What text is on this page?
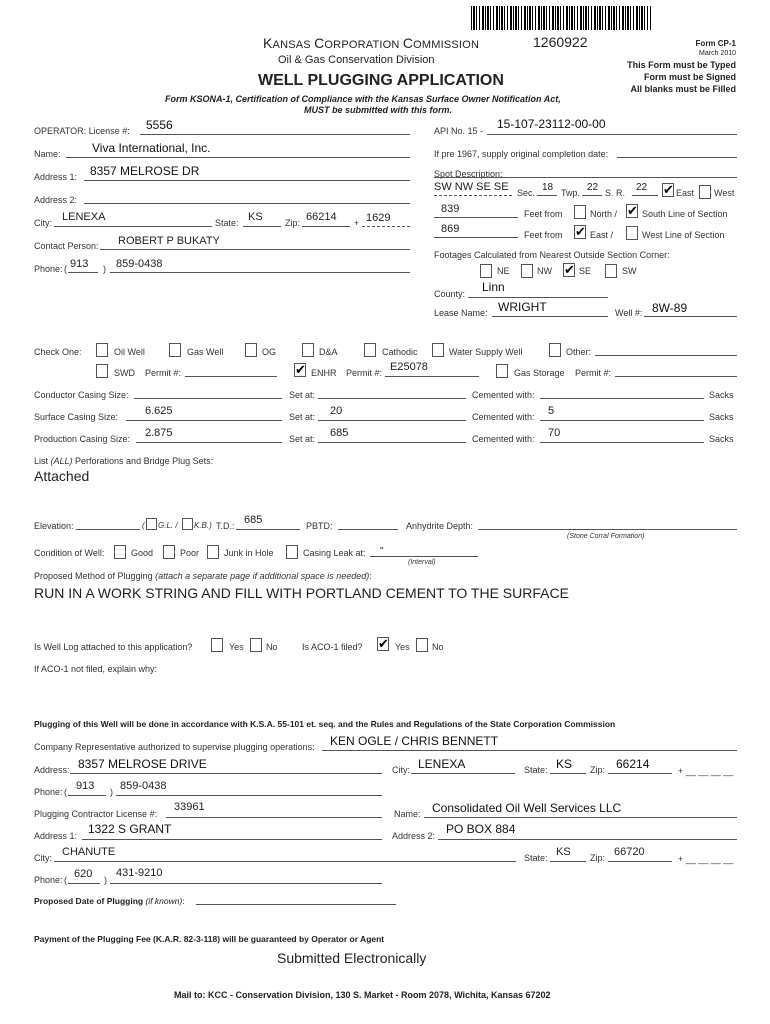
KANSAS CORPORATION COMMISSION
Oil & Gas Conservation Division
1260922	Form CP-1
March 2010
This Form must be Typed
Form must be Signed
All blanks must be Filled
WELL PLUGGING APPLICATION
Form KSONA-1, Certification of Compliance with the Kansas Surface Owner Notification Act,
MUST be submitted with this form.
OPERATOR: License #: 5556
Name:	Viva International, Inc.
Address 1: 8357 MELROSE DR
Address 2:
City: LENEXA	State: KS Zip: 66214 + 1629
Contact Person: ROBERT P BUKATY
Phone: ( 913 ) 859-0438
API No. 15 - 15-107-23112-00-00
If pre 1967, supply original completion date:
Spot Description:
SW NW SE SE Sec. 18 Twp. 22 S. R. 22 ✔ East West
839	Feet from	North / ✔ South Line of Section
869	Feet from ✔ East /	West Line of Section
Footages Calculated from Nearest Outside Section Corner:
NE	NW ✔ SE	SW
County: Linn
Lease Name: WRIGHT	Well #: 8W-89
Check One:	Oil Well	Gas Well	OG	D&A	Cathodic	Water Supply Well	Other:
SWD Permit #:	✔ ENHR Permit #: E25078	Gas Storage Permit #:
Conductor Casing Size:	Set at:	Cemented with:	Sacks
Surface Casing Size: 6.625	Set at: 20	Cemented with: 5	Sacks
Production Casing Size: 2.875	Set at: 685	Cemented with: 70	Sacks
List (ALL) Perforations and Bridge Plug Sets:
Attached
Elevation:	( G.L. / K.B.) T.D.: 685	PBTD:	Anhydrite Depth:
(Stone Corral Formation)
Condition of Well:	Good	Poor	Junk in Hole	Casing Leak at: "
(Interval)
Proposed Method of Plugging (attach a separate page if additional space is needed):
RUN IN A WORK STRING AND FILL WITH PORTLAND CEMENT TO THE SURFACE
Is Well Log attached to this application?	Yes No	Is ACO-1 filed? ✔ Yes No
If ACO-1 not filed, explain why:
Plugging of this Well will be done in accordance with K.S.A. 55-101 et. seq. and the Rules and Regulations of the State Corporation Commission
Company Representative authorized to supervise plugging operations: KEN OGLE / CHRIS BENNETT
Address: 8357 MELROSE DRIVE	City: LENEXA	State: KS Zip: 66214	+ __ __ __ __
Phone: ( 913 ) 859-0438
Plugging Contractor License #:
33961
Name: Consolidated Oil Well Services LLC
Address 1: 1322 S GRANT	Address 2: PO BOX 884
City: CHANUTE	State: KS Zip: 66720
+ __ __ __ __
Phone: ( 620 )
431-9210
Proposed Date of Plugging (if known):
Payment of the Plugging Fee (K.A.R. 82-3-118) will be guaranteed by Operator or Agent
Submitted Electronically
Mail to: KCC - Conservation Division, 130 S. Market - Room 2078, Wichita, Kansas 67202
